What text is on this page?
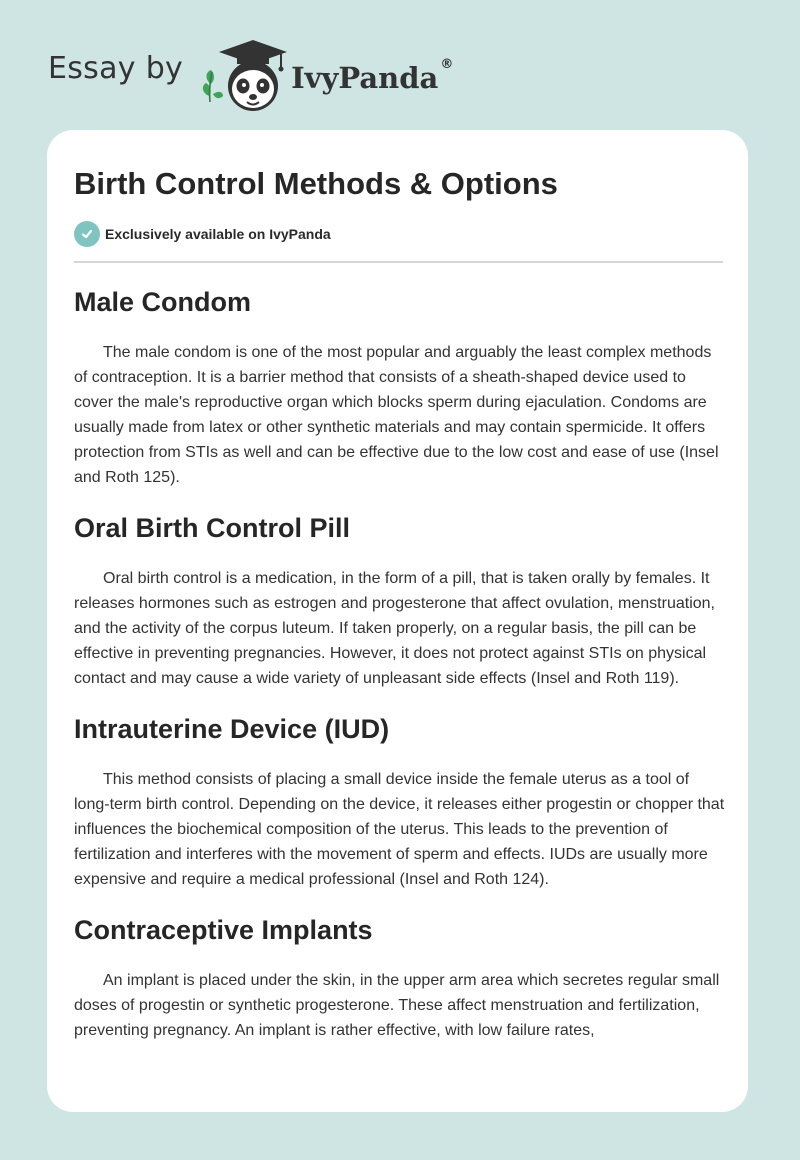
Essay by	IvyPanda ®
Birth Control Methods & Options
Exclusively available on IvyPanda
Male Condom

The male condom is one of the most popular and arguably the least complex methods of contraception. It is a barrier method that consists of a sheath-shaped device used to cover the male's reproductive organ which blocks sperm during ejaculation. Condoms are usually made from latex or other synthetic materials and may contain spermicide. It offers protection from STIs as well and can be effective due to the low cost and ease of use (Insel and Roth 125).

Oral Birth Control Pill

Oral birth control is a medication, in the form of a pill, that is taken orally by females. It releases hormones such as estrogen and progesterone that affect ovulation, menstruation, and the activity of the corpus luteum. If taken properly, on a regular basis, the pill can be effective in preventing pregnancies. However, it does not protect against STIs on physical contact and may cause a wide variety of unpleasant side effects (Insel and Roth 119).

Intrauterine Device (IUD)

This method consists of placing a small device inside the female uterus as a tool of long-term birth control. Depending on the device, it releases either progestin or chopper that influences the biochemical composition of the uterus. This leads to the prevention of fertilization and interferes with the movement of sperm and effects. IUDs are usually more expensive and require a medical professional (Insel and Roth 124).

Contraceptive Implants

An implant is placed under the skin, in the upper arm area which secretes regular small doses of progestin or synthetic progesterone. These affect menstruation and fertilization, preventing pregnancy. An implant is rather effective, with low failure rates,
